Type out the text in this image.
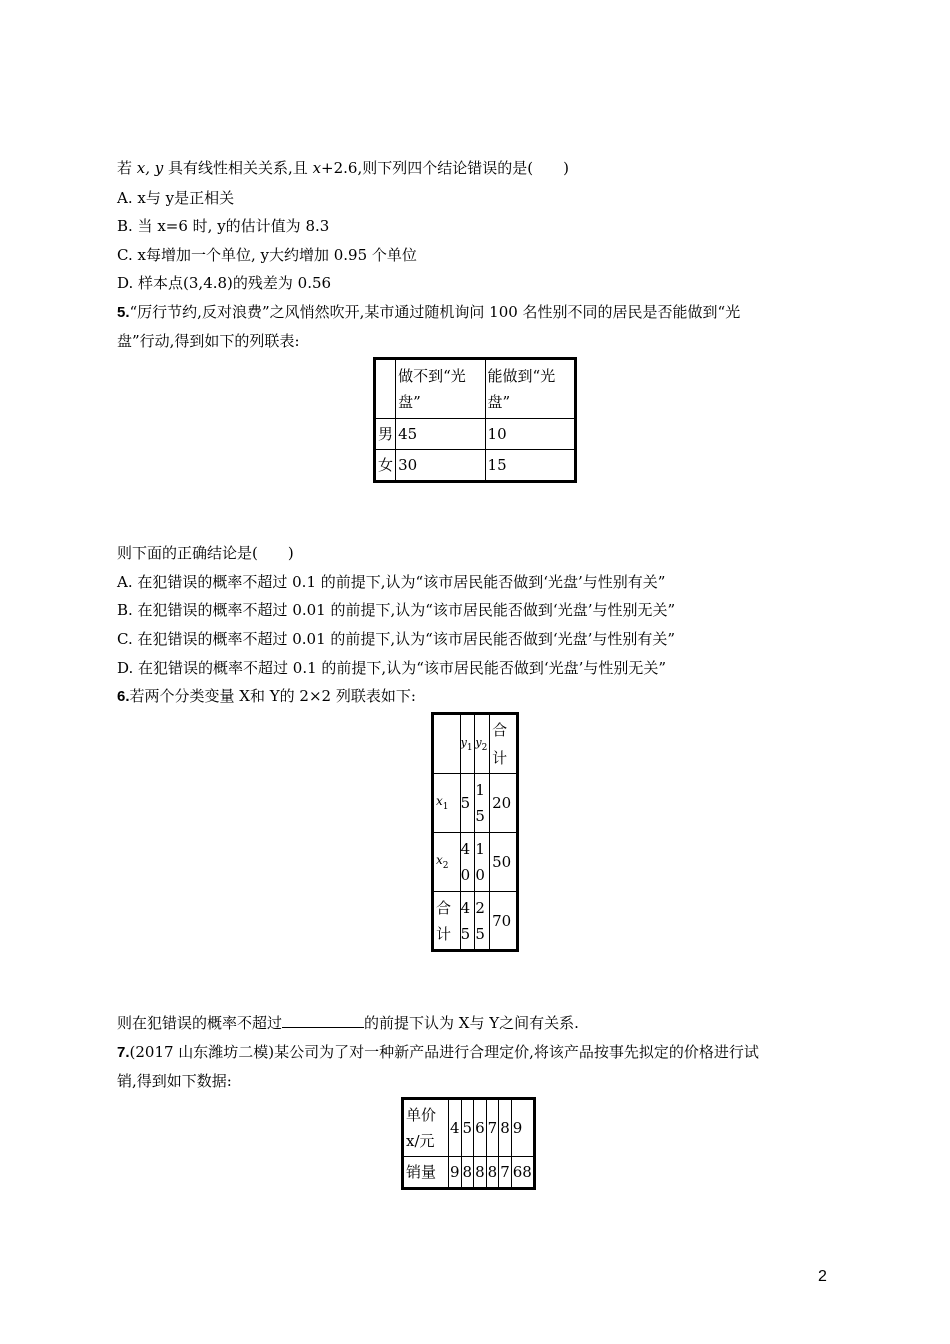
若 x, y 具有线性相关关系,且 x+2.6,则下列四个结论错误的是(　　)
A. x与 y是正相关
B. 当 x=6 时, y的估计值为 8.3
C. x每增加一个单位, y大约增加 0.95 个单位
D. 样本点(3,4.8)的残差为 0.56
5.“厉行节约,反对浪费”之风悄然吹开,某市通过随机询问 100 名性别不同的居民是否能做到“光
盘”行动,得到如下的列联表:
	做不到“光盘”	能做到“光盘”
男	45	10
女	30	15
则下面的正确结论是(　　)
A. 在犯错误的概率不超过 0.1 的前提下,认为“该市居民能否做到‘光盘’与性别有关”
B. 在犯错误的概率不超过 0.01 的前提下,认为“该市居民能否做到‘光盘’与性别无关”
C. 在犯错误的概率不超过 0.01 的前提下,认为“该市居民能否做到‘光盘’与性别有关”
D. 在犯错误的概率不超过 0.1 的前提下,认为“该市居民能否做到‘光盘’与性别无关”
6.若两个分类变量 X和 Y的 2×2 列联表如下:
	$y_1$	$y_2$	合计
$x_1$	5	15	20
$x_2$	40	10	50
合计	45	25	70
则在犯错误的概率不超过	的前提下认为 X与 Y之间有关系.
7.(2017 山东潍坊二模)某公司为了对一种新产品进行合理定价,将该产品按事先拟定的价格进行试
销,得到如下数据:
单价 x/元	4	5	6	7	8	9
销量	9	8	8	8	7	68
2
